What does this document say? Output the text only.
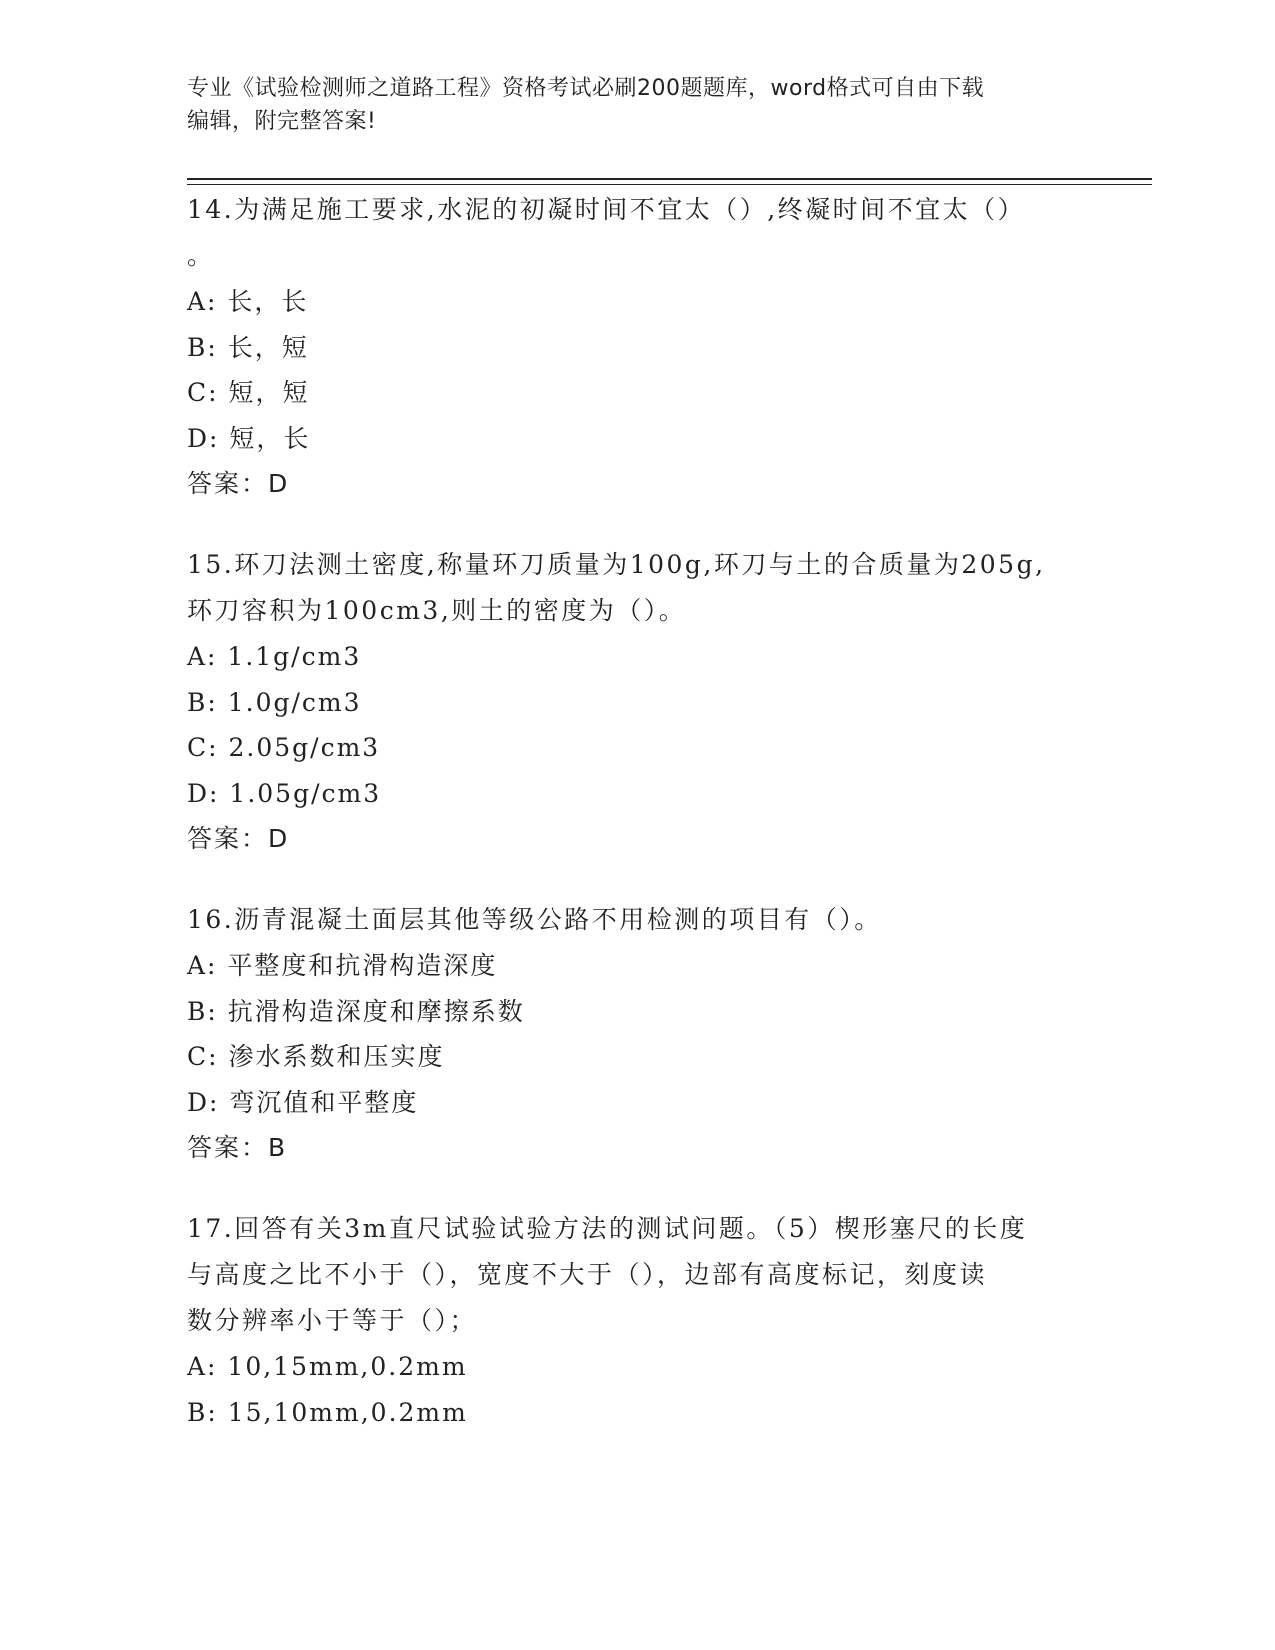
专业《试验检测师之道路工程》资格考试必刷200题题库，word格式可自由下载
编辑，附完整答案!
14.为满足施工要求,水泥的初凝时间不宜太（）,终凝时间不宜太（）
。
A: 长，长
B: 长，短
C: 短，短
D: 短，长
答案：D
15.环刀法测土密度,称量环刀质量为100g,环刀与土的合质量为205g,
环刀容积为100cm3,则土的密度为（）。
A: 1.1g/cm3
B: 1.0g/cm3
C: 2.05g/cm3
D: 1.05g/cm3
答案：D
16.沥青混凝土面层其他等级公路不用检测的项目有（）。
A: 平整度和抗滑构造深度
B: 抗滑构造深度和摩擦系数
C: 渗水系数和压实度
D: 弯沉值和平整度
答案：B
17.回答有关3m直尺试验试验方法的测试问题。（5）楔形塞尺的长度
与高度之比不小于（），宽度不大于（），边部有高度标记，刻度读
数分辨率小于等于（）；
A: 10,15mm,0.2mm
B: 15,10mm,0.2mm
